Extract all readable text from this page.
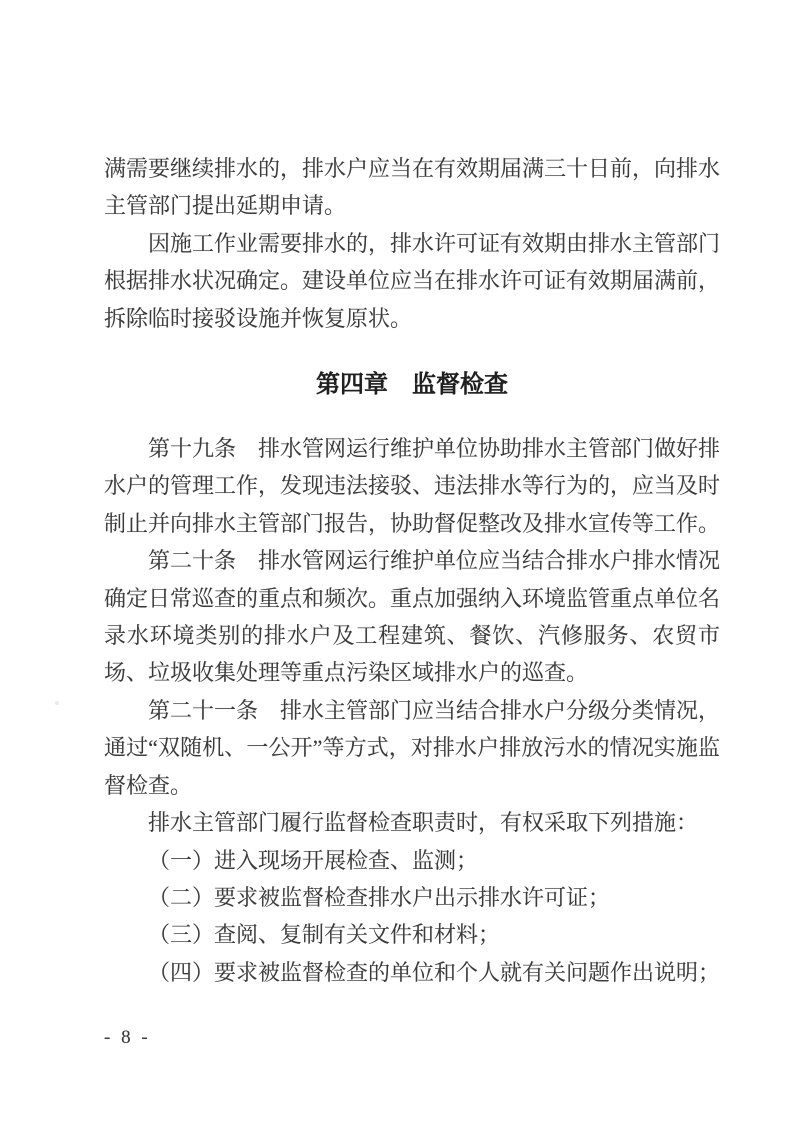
满需要继续排水的，排水户应当在有效期届满三十日前，向排水主管部门提出延期申请。

因施工作业需要排水的，排水许可证有效期由排水主管部门根据排水状况确定。建设单位应当在排水许可证有效期届满前，拆除临时接驳设施并恢复原状。

第四章　监督检查

第十九条　排水管网运行维护单位协助排水主管部门做好排水户的管理工作，发现违法接驳、违法排水等行为的，应当及时制止并向排水主管部门报告，协助督促整改及排水宣传等工作。

第二十条　排水管网运行维护单位应当结合排水户排水情况确定日常巡查的重点和频次。重点加强纳入环境监管重点单位名录水环境类别的排水户及工程建筑、餐饮、汽修服务、农贸市场、垃圾收集处理等重点污染区域排水户的巡查。

第二十一条　排水主管部门应当结合排水户分级分类情况，通过“双随机、一公开”等方式，对排水户排放污水的情况实施监督检查。

排水主管部门履行监督检查职责时，有权采取下列措施：

（一）进入现场开展检查、监测；

（二）要求被监督检查排水户出示排水许可证；

（三）查阅、复制有关文件和材料；

（四）要求被监督检查的单位和个人就有关问题作出说明；

- 8 -
